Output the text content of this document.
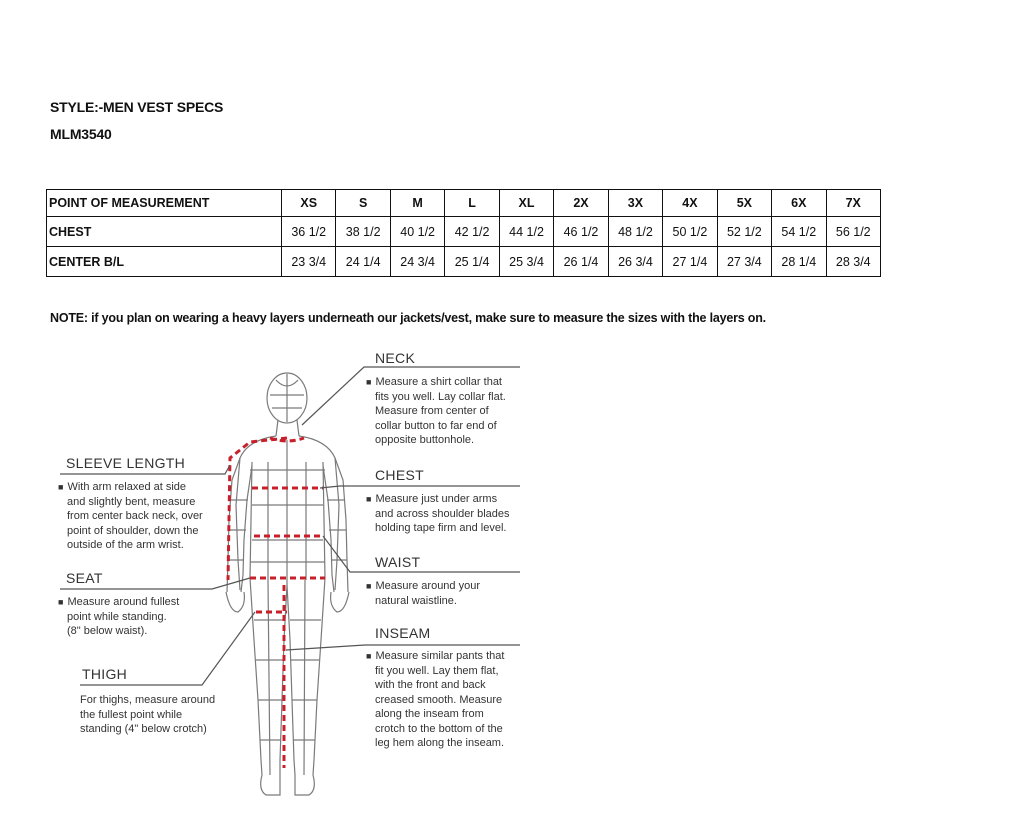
STYLE:-MEN VEST SPECS
MLM3540
POINT OF MEASUREMENT	XS	S	M	L	XL	2X	3X	4X	5X	6X	7X
CHEST	36 1/2	38 1/2	40 1/2	42 1/2	44 1/2	46 1/2	48 1/2	50 1/2	52 1/2	54 1/2	56 1/2
CENTER B/L	23 3/4	24 1/4	24 3/4	25 1/4	25 3/4	26 1/4	26 3/4	27 1/4	27 3/4	28 1/4	28 3/4
NOTE: if you plan on wearing a heavy layers underneath our jackets/vest, make sure to measure the sizes with the layers on.
NECK
■ Measure a shirt collar that
fits you well. Lay collar flat.
Measure from center of
collar button to far end of
opposite buttonhole.
CHEST
■ Measure just under arms
and across shoulder blades
holding tape firm and level.
WAIST
■ Measure around your
natural waistline.
INSEAM
■ Measure similar pants that
fit you well. Lay them flat,
with the front and back
creased smooth. Measure
along the inseam from
crotch to the bottom of the
leg hem along the inseam.
SLEEVE LENGTH
■ With arm relaxed at side
and slightly bent, measure
from center back neck, over
point of shoulder, down the
outside of the arm wrist.
SEAT
■ Measure around fullest
point while standing.
(8" below waist).
THIGH
For thighs, measure around
the fullest point while
standing (4" below crotch)
